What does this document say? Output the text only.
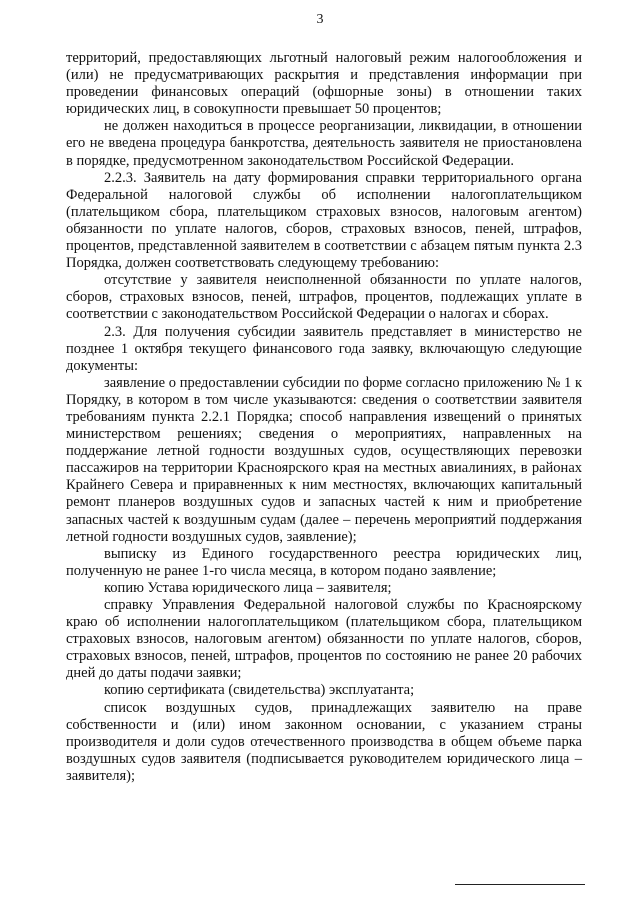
3

территорий, предоставляющих льготный налоговый режим налогообложения и (или) не предусматривающих раскрытия и представления информации при проведении финансовых операций (офшорные зоны) в отношении таких юридических лиц, в совокупности превышает 50 процентов;

не должен находиться в процессе реорганизации, ликвидации, в отношении его не введена процедура банкротства, деятельность заявителя не приостановлена в порядке, предусмотренном законодательством Российской Федерации.

2.2.3. Заявитель на дату формирования справки территориального органа Федеральной налоговой службы об исполнении налогоплательщиком (плательщиком сбора, плательщиком страховых взносов, налоговым агентом) обязанности по уплате налогов, сборов, страховых взносов, пеней, штрафов, процентов, представленной заявителем в соответствии с абзацем пятым пункта 2.3 Порядка, должен соответствовать следующему требованию:

отсутствие у заявителя неисполненной обязанности по уплате налогов, сборов, страховых взносов, пеней, штрафов, процентов, подлежащих уплате в соответствии с законодательством Российской Федерации о налогах и сборах.

2.3. Для получения субсидии заявитель представляет в министерство не позднее 1 октября текущего финансового года заявку, включающую следующие документы:

заявление о предоставлении субсидии по форме согласно приложению № 1 к Порядку, в котором в том числе указываются: сведения о соответствии заявителя требованиям пункта 2.2.1 Порядка; способ направления извещений о принятых министерством решениях; сведения о мероприятиях, направленных на поддержание летной годности воздушных судов, осуществляющих перевозки пассажиров на территории Красноярского края на местных авиалиниях, в районах Крайнего Севера и приравненных к ним местностях, включающих капитальный ремонт планеров воздушных судов и запасных частей к ним и приобретение запасных частей к воздушным судам (далее – перечень мероприятий поддержания летной годности воздушных судов, заявление);

выписку из Единого государственного реестра юридических лиц, полученную не ранее 1-го числа месяца, в котором подано заявление;

копию Устава юридического лица – заявителя;

справку Управления Федеральной налоговой службы по Красноярскому краю об исполнении налогоплательщиком (плательщиком сбора, плательщиком страховых взносов, налоговым агентом) обязанности по уплате налогов, сборов, страховых взносов, пеней, штрафов, процентов по состоянию не ранее 20 рабочих дней до даты подачи заявки;

копию сертификата (свидетельства) эксплуатанта;

список воздушных судов, принадлежащих заявителю на праве собственности и (или) ином законном основании, с указанием страны производителя и доли судов отечественного производства в общем объеме парка воздушных судов заявителя (подписывается руководителем юридического лица – заявителя);
